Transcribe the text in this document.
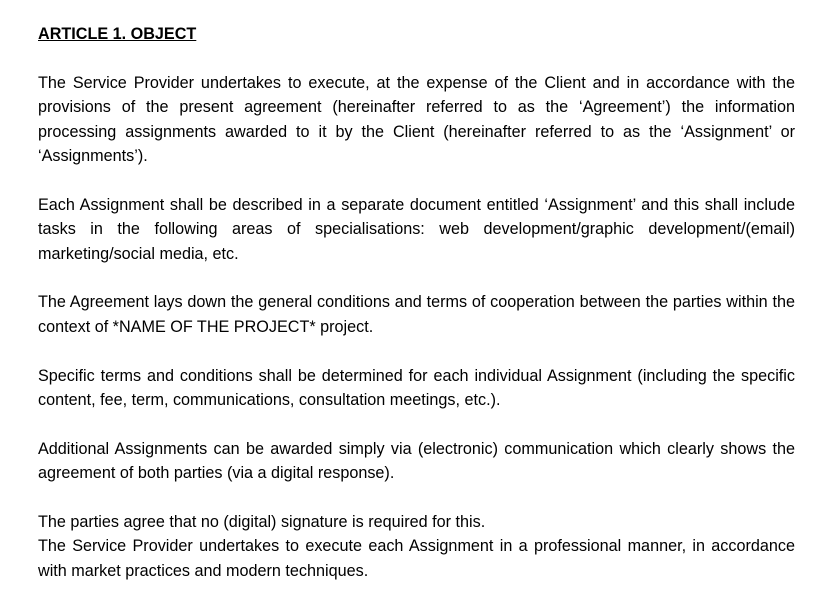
ARTICLE 1. OBJECT

The Service Provider undertakes to execute, at the expense of the Client and in accordance with the provisions of the present agreement (hereinafter referred to as the ‘Agreement’) the information processing assignments awarded to it by the Client (hereinafter referred to as the ‘Assignment’ or ‘Assignments’).

Each Assignment shall be described in a separate document entitled ‘Assignment’ and this shall include tasks in the following areas of specialisations: web development/graphic development/(email) marketing/social media, etc.

The Agreement lays down the general conditions and terms of cooperation between the parties within the context of *NAME OF THE PROJECT* project.

Specific terms and conditions shall be determined for each individual Assignment (including the specific content, fee, term, communications, consultation meetings, etc.).

Additional Assignments can be awarded simply via (electronic) communication which clearly shows the agreement of both parties (via a digital response).

The parties agree that no (digital) signature is required for this.

The Service Provider undertakes to execute each Assignment in a professional manner, in accordance with market practices and modern techniques.
